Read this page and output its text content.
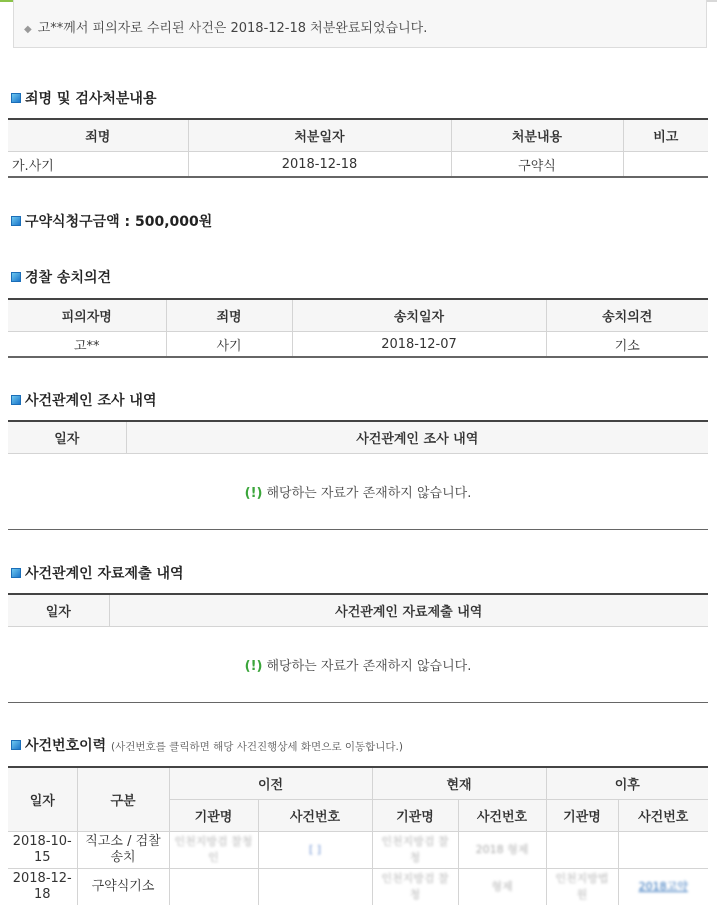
◆ 고**께서 피의자로 수리된 사건은 2018-12-18 처분완료되었습니다.
죄명 및 검사처분내용
죄명	처분일자	처분내용	비고
가.사기	2018-12-18	구약식	
구약식청구금액 : 500,000원
경찰 송치의견
피의자명	죄명	송치일자	송치의견
고**	사기	2018-12-07	기소
사건관계인 조사 내역
일자	사건관계인 조사 내역
(!) 해당하는 자료가 존재하지 않습니다.
사건관계인 자료제출 내역
일자	사건관계인 자료제출 내역
(!) 해당하는 자료가 존재하지 않습니다.
사건번호이력 (사건번호를 클릭하면 해당 사건진행상세 화면으로 이동합니다.)
일자	구분	이전		현재		이후	
		기관명	사건번호	기관명	사건번호	기관명	사건번호
2018-10-15	직고소 / 검찰송치	인천지방검 찰청인	[ ]	인천지방검 찰청	2018 형제		
2018-12-18	구약식기소			인천지방검 찰청	형제	인천지방법원	2018고약
